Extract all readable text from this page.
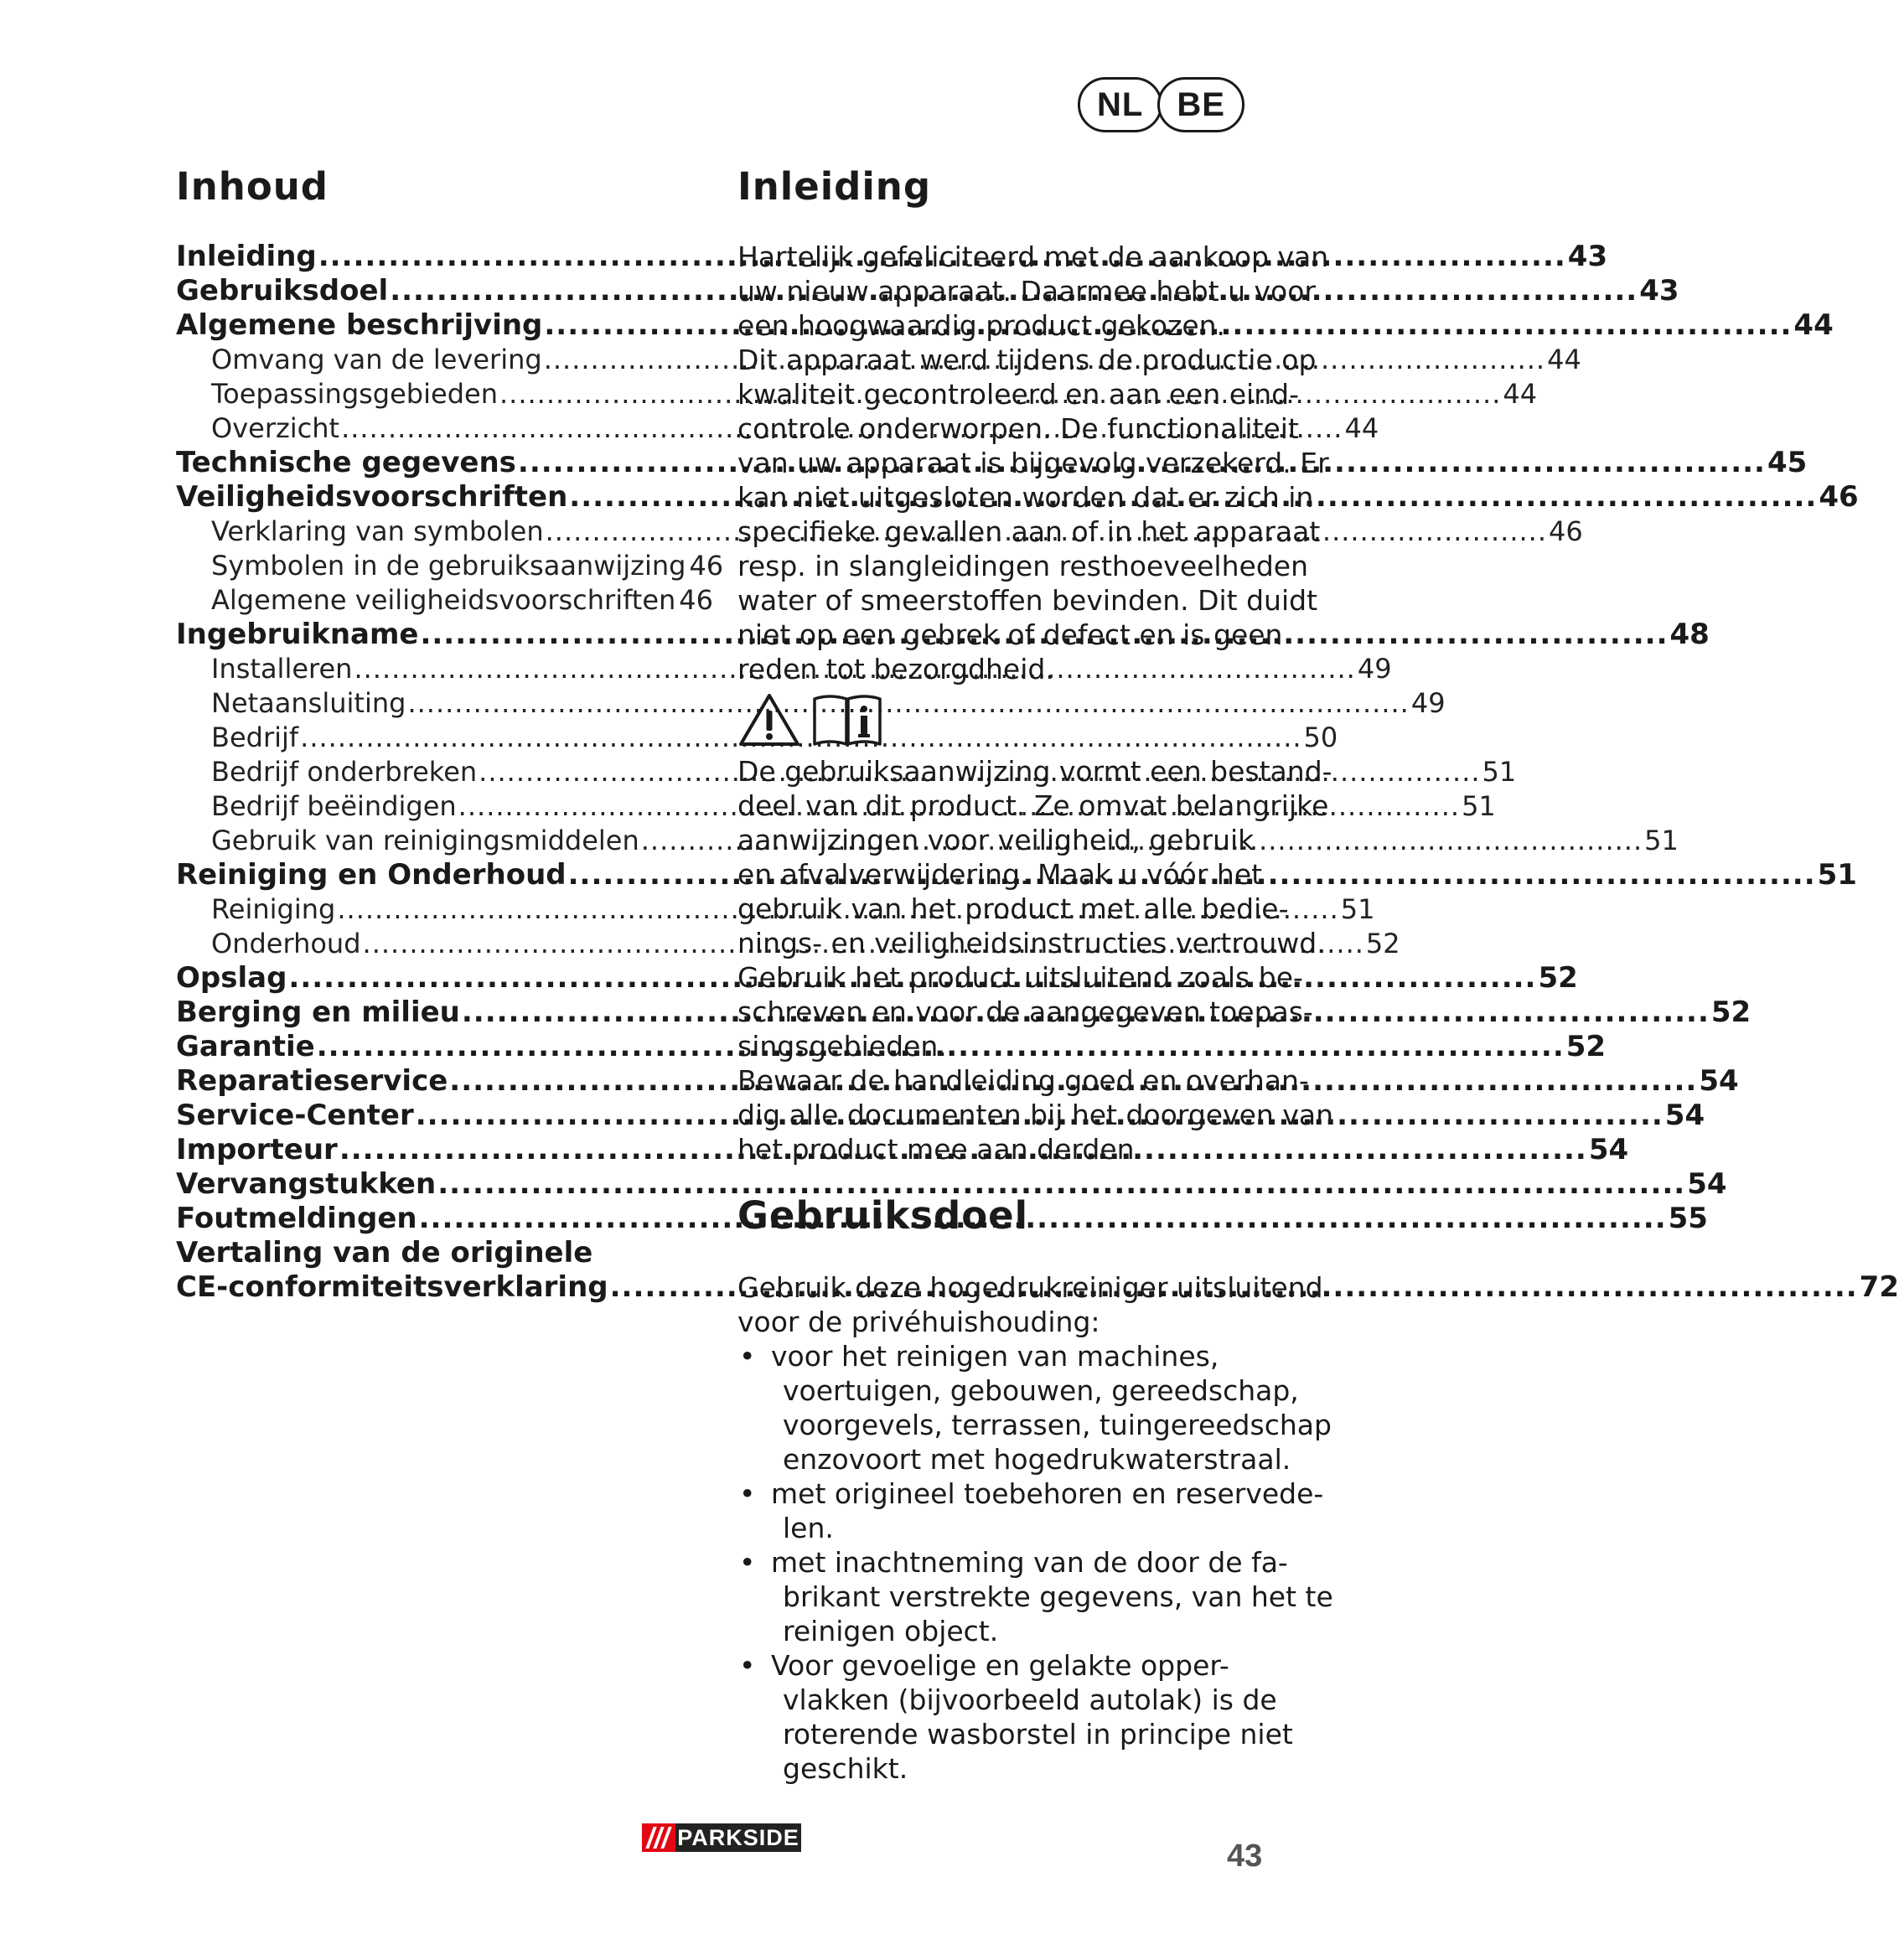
NL	BE
Inhoud
Inleiding .....	43
Gebruiksdoel .....	43
Algemene beschrijving .....	44
Omvang van de levering .....	44
Toepassingsgebieden .....	44
Overzicht .....	44
Technische gegevens .....	45
Veiligheidsvoorschriften .....	46
Verklaring van symbolen .....	46
Symbolen in de gebruiksaanwijzing 46
Algemene veiligheidsvoorschriften 46
Ingebruikname .....	48
Installeren .....	49
Netaansluiting .....	49
Bedrijf .....	50
Bedrijf onderbreken .....	51
Bedrijf beëindigen .....	51
Gebruik van reinigingsmiddelen .....	51
Reiniging en Onderhoud .....	51
Reiniging .....	51
Onderhoud .....	52
Opslag .....	52
Berging en milieu .....	52
Garantie .....	52
Reparatieservice .....	54
Service-Center .....	54
Importeur .....	54
Vervangstukken .....	54
Foutmeldingen .....	55
Vertaling van de originele
CE-conformiteitsverklaring .....	72
Inleiding

Hartelijk gefeliciteerd met de aankoop van
uw nieuw apparaat. Daarmee hebt u voor
een hoogwaardig product gekozen.
Dit apparaat werd tijdens de productie op
kwaliteit gecontroleerd en aan een eind-
controle onderworpen. De functionaliteit
van uw apparaat is bijgevolg verzekerd. Er
kan niet uitgesloten worden dat er zich in
specifieke gevallen aan of in het apparaat
resp. in slangleidingen resthoeveelheden
water of smeerstoffen bevinden. Dit duidt
niet op een gebrek of defect en is geen
reden tot bezorgdheid.

De gebruiksaanwijzing vormt een bestand-
deel van dit product. Ze omvat belangrijke
aanwijzingen voor veiligheid, gebruik
en afvalverwijdering. Maak u vóór het
gebruik van het product met alle bedie-
nings- en veiligheidsinstructies vertrouwd.
Gebruik het product uitsluitend zoals be-
schreven en voor de aangegeven toepas-
singsgebieden.
Bewaar de handleiding goed en overhan-
dig alle documenten bij het doorgeven van
het product mee aan derden.

Gebruiksdoel

Gebruik deze hogedrukreiniger uitsluitend
voor de privéhuishouding:

• voor het reinigen van machines,
voertuigen, gebouwen, gereedschap,
voorgevels, terrassen, tuingereedschap
enzovoort met hogedrukwaterstraal.
• met origineel toebehoren en reservede-
len.
• met inachtneming van de door de fa-
brikant verstrekte gegevens, van het te
reinigen object.
• Voor gevoelige en gelakte opper-
vlakken (bijvoorbeeld autolak) is de
roterende wasborstel in principe niet
geschikt.
PARKSIDE
43
